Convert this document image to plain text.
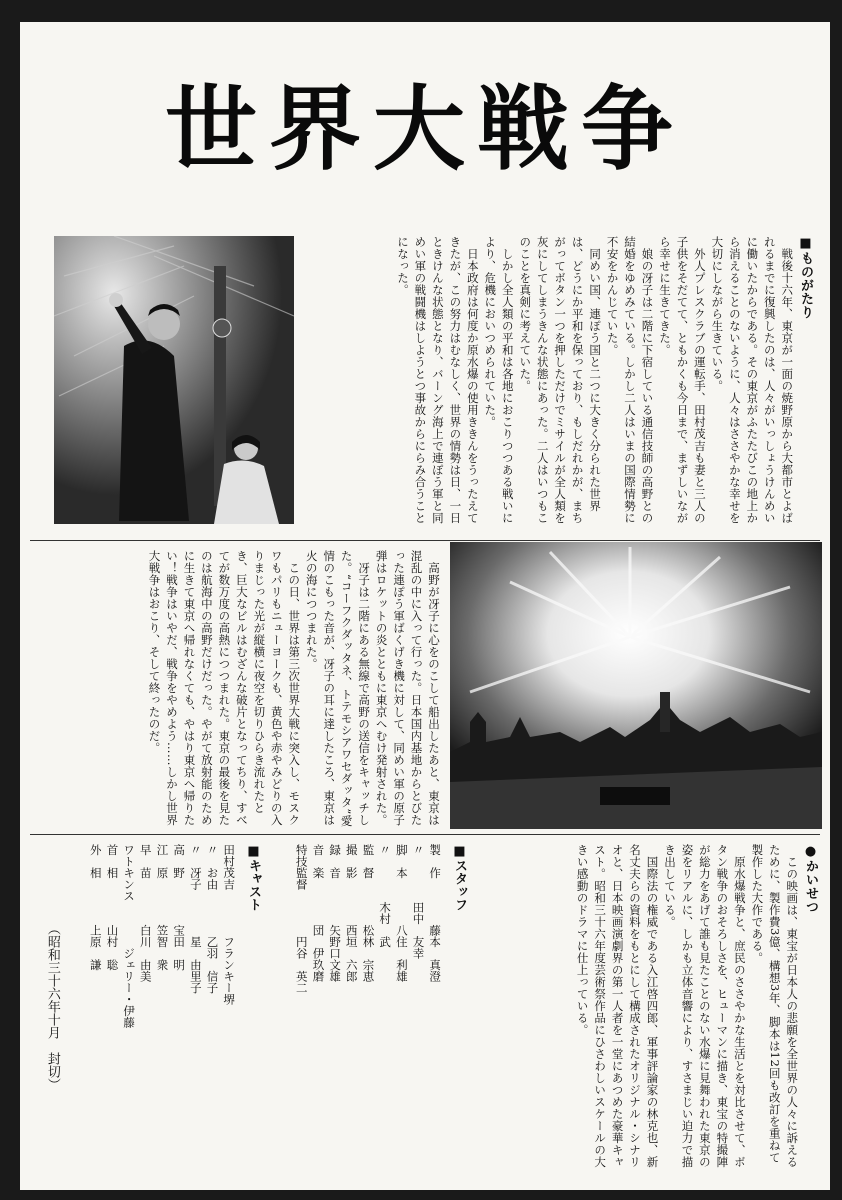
世界大戦争
■ものがたり

戦後十六年、東京が一面の焼野原から大都市とよばれるまでに復興したのは、人々がいっしょうけんめいに働いたからである。その東京がふたたびこの地上から消えることのないように、人々はささやかな幸せを大切にしながら生きている。

外人プレスクラブの運転手、田村茂吉も妻と三人の子供をそだてて、ともかくも今日まで、まずしいながら幸せに生きてきた。

娘の冴子は二階に下宿している通信技師の高野との結婚をゆめみている。しかし二人はいまの国際情勢に不安をかんじていた。

同めい国、連ぽう国と二つに大きく分られた世界は、どうにか平和を保っており、もしだれかが、まちがってボタン一つを押しただけでミサイルが全人類を灰にしてしまうきんな状態にあった。二人はいつもこのことを真剣に考えていた。

しかし全人類の平和は各地におこりつつある戦いにより、危機においつめられていた。

日本政府は何度か原水爆の使用ききんをうったえてきたが、この努力はむなしく、世界の情勢は日、一日ときけんな状態となり、バーング海上で連ぽう軍と同めい軍の戦闘機はしようとつ事故からにらみ合うことになった。

高野が冴子に心をのこして船出したあと、東京は混乱の中に入って行った。日本国内基地からとびたった連ぽう軍ばくげき機に対して、同めい軍の原子弾はロケットの炎とともに東京へむけ発射された。

冴子は二階にある無線で高野の送信をキャッチした。“コーフクダッタネ、トテモシアワセダッタ”愛情のこもった音が、冴子の耳に達したころ、東京は火の海につつまれた。

この日、世界は第三次世界大戦に突入し、モスクワもパリもニューヨークも、黄色や赤やみどりの入りまじった光が縦横に夜空を切りひらき流れたとき、巨大なビルはむざんな破片となってちり、すべてが数万度の高熱につつまれた。東京の最後を見たのは航海中の高野だけだった。やがて放射能のために生きて東京へ帰れなくても、やはり東京へ帰りたい！戦争はいやだ、戦争をやめよう……しかし世界大戦争はおこり、そして終ったのだ。

●かいせつ

この映画は、東宝が日本人の悲願を全世界の人々に訴えるために、製作費3億、構想3年、脚本は12回も改訂を重ねて製作した大作である。

原水爆戦争と、庶民のささやかな生活とを対比させて、ボタン戦争のおそろしさを、ヒューマンに描き、東宝の特撮陣が総力をあげて誰も見たことのない水爆に見舞われた東京の姿をリアルに、しかも立体音響により、すさまじい迫力で描き出している。

国際法の権威である入江啓四郎、軍事評論家の林克也、新名丈夫らの資料をもとにして構成されたオリジナル・シナリオと、日本映画演劇界の第一人者を一堂にあつめた豪華キャスト。昭和三十六年度芸術祭作品にひさわしいスケールの大きい感動のドラマに仕上っている。

■スタッフ
製　作　　　　藤本　真澄
〃　　　　田中　友幸
脚　本　　　　八住　利雄
〃　　　　木村　武
監　督　　　　松林　宗恵
撮　影　　　　西垣　六郎
録　音　　　　矢野口文雄
音　楽　　　　団　伊玖磨
特技監督　　　　円谷　英二
■キャスト
田村茂吉　　　　フランキー堺
〃　お由　　　　乙羽　信子
〃　冴子　　　　星　由里子
高　野　　　　宝田　明
江　原　　　　笠智　衆
早　苗　　　　白川　由美
ワトキンス　　　　ジェリー・伊藤
首　相　　　　山村　聡
外　相　　　　上原　謙
（昭和三十六年十月　封切）
